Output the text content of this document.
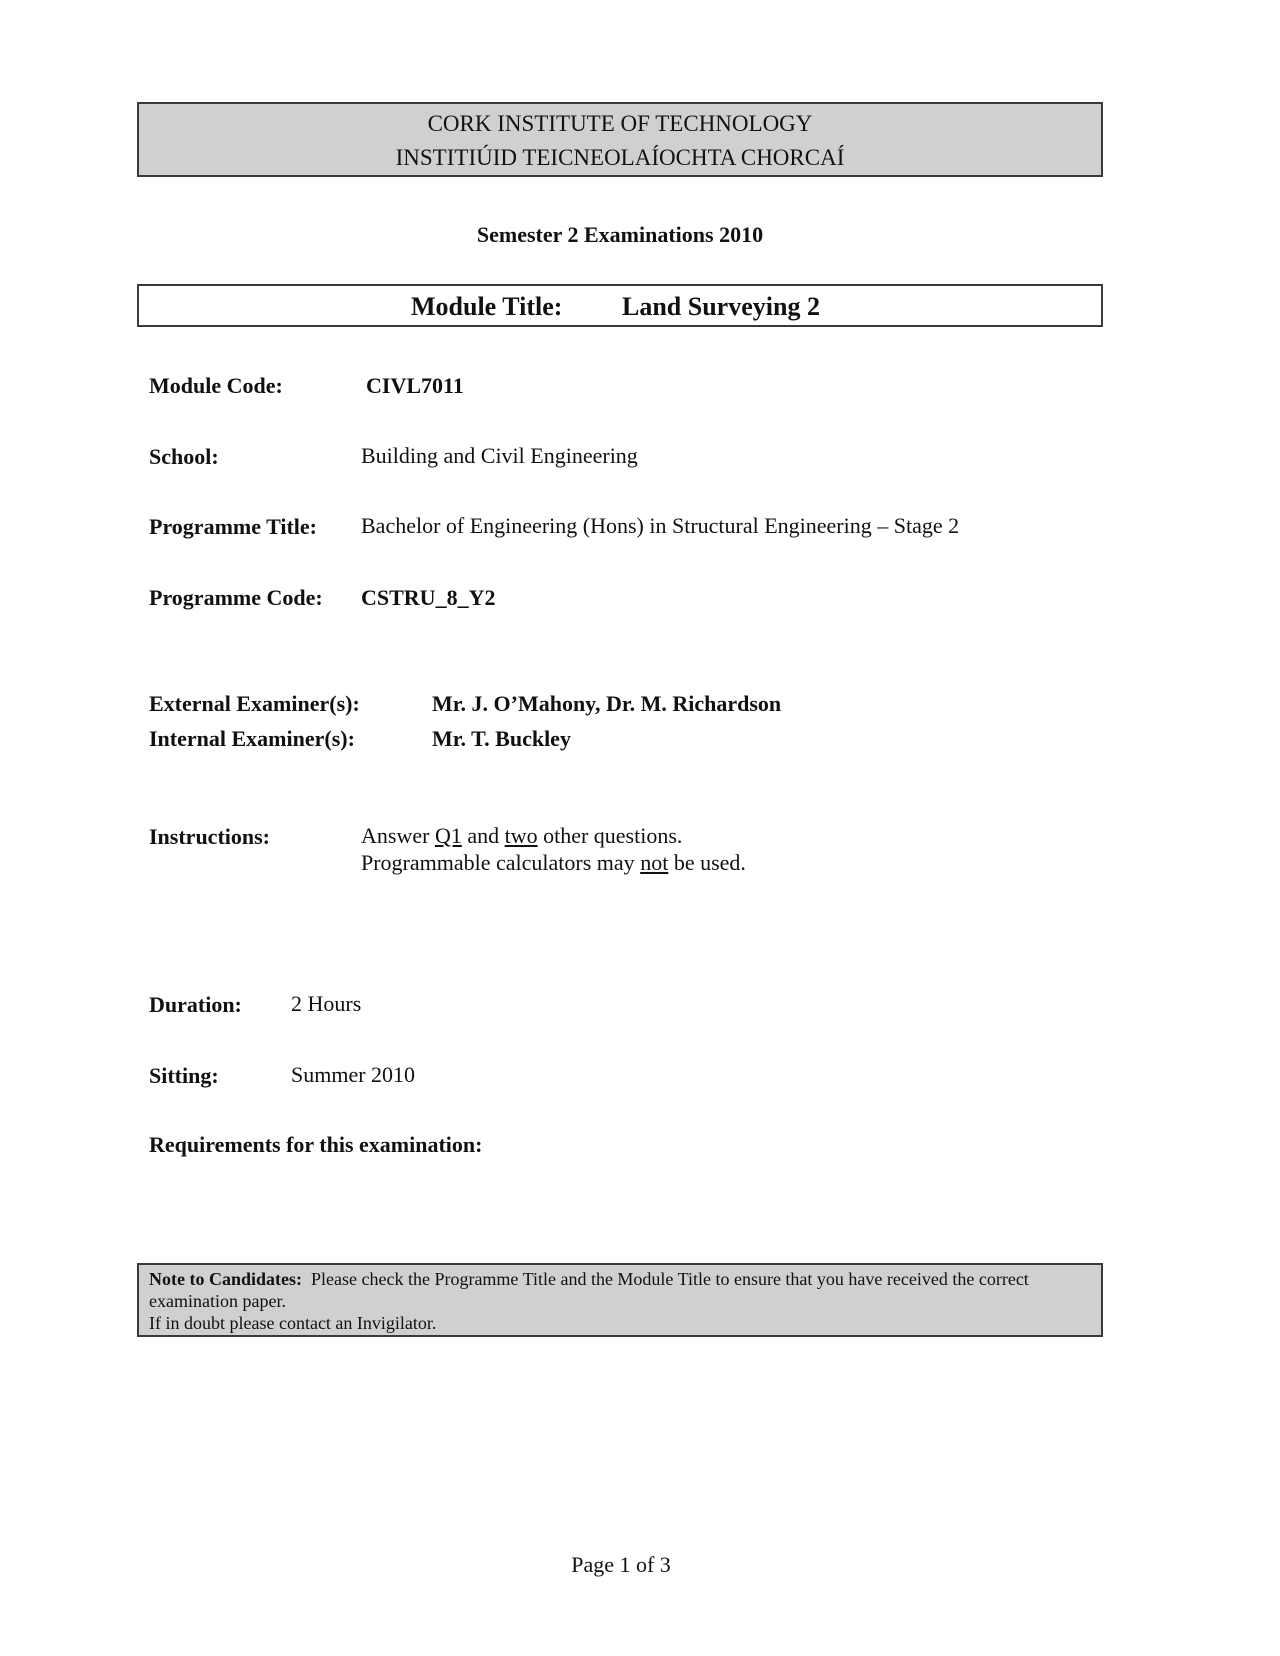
CORK INSTITUTE OF TECHNOLOGY
INSTITIÚID TEICNEOLAÍOCHTA CHORCAÍ
Semester 2 Examinations 2010
Module Title: Land Surveying 2
Module Code:	CIVL7011
School:	Building and Civil Engineering
Programme Title: Bachelor of Engineering (Hons) in Structural Engineering – Stage 2
Programme Code: CSTRU_8_Y2
External Examiner(s):	Mr. J. O’Mahony, Dr. M. Richardson
Internal Examiner(s):	Mr. T. Buckley
Instructions:	Answer Q1 and two other questions.
Programmable calculators may not be used.
Duration: 2 Hours
Sitting:	Summer 2010
Requirements for this examination:
Note to Candidates: Please check the Programme Title and the Module Title to ensure that you have received the correct examination paper.
If in doubt please contact an Invigilator.
Page 1 of 3
